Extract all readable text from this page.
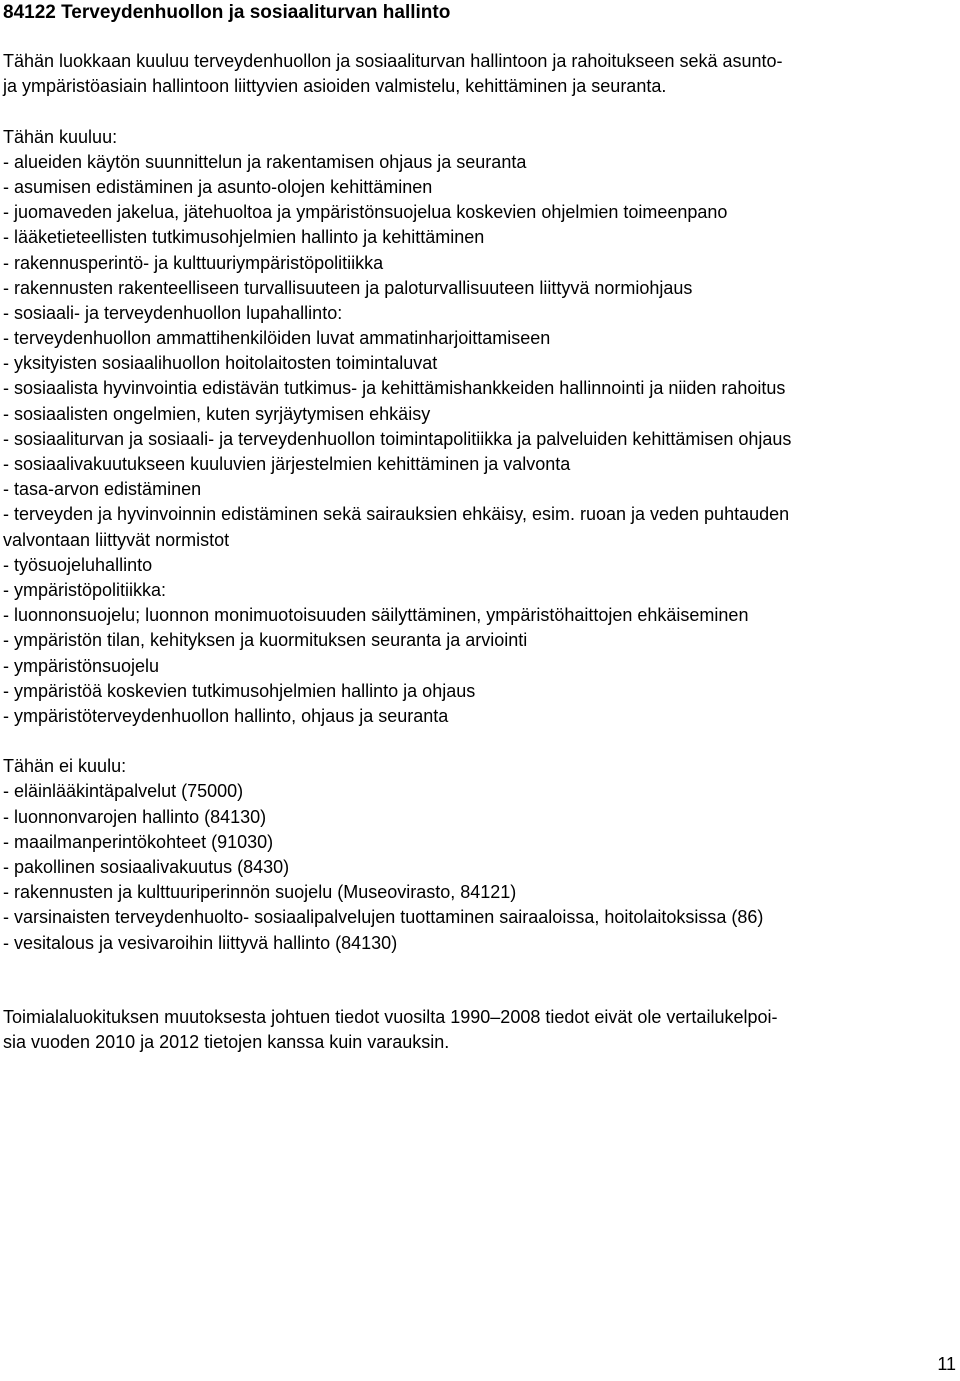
84122 Terveydenhuollon ja sosiaaliturvan hallinto
Tähän luokkaan kuuluu terveydenhuollon ja sosiaaliturvan hallintoon ja rahoitukseen sekä asunto-
ja ympäristöasiain hallintoon liittyvien asioiden valmistelu, kehittäminen ja seuranta.
Tähän kuuluu:
- alueiden käytön suunnittelun ja rakentamisen ohjaus ja seuranta
- asumisen edistäminen ja asunto-olojen kehittäminen
- juomaveden jakelua, jätehuoltoa ja ympäristönsuojelua koskevien ohjelmien toimeenpano
- lääketieteellisten tutkimusohjelmien hallinto ja kehittäminen
- rakennusperintö- ja kulttuuriympäristöpolitiikka
- rakennusten rakenteelliseen turvallisuuteen ja paloturvallisuuteen liittyvä normiohjaus
- sosiaali- ja terveydenhuollon lupahallinto:
- terveydenhuollon ammattihenkilöiden luvat ammatinharjoittamiseen
- yksityisten sosiaalihuollon hoitolaitosten toimintaluvat
- sosiaalista hyvinvointia edistävän tutkimus- ja kehittämishankkeiden hallinnointi ja niiden rahoitus
- sosiaalisten ongelmien, kuten syrjäytymisen ehkäisy
- sosiaaliturvan ja sosiaali- ja terveydenhuollon toimintapolitiikka ja palveluiden kehittämisen ohjaus
- sosiaalivakuutukseen kuuluvien järjestelmien kehittäminen ja valvonta
- tasa-arvon edistäminen
- terveyden ja hyvinvoinnin edistäminen sekä sairauksien ehkäisy, esim. ruoan ja veden puhtauden
valvontaan liittyvät normistot
- työsuojeluhallinto
- ympäristöpolitiikka:
- luonnonsuojelu; luonnon monimuotoisuuden säilyttäminen, ympäristöhaittojen ehkäiseminen
- ympäristön tilan, kehityksen ja kuormituksen seuranta ja arviointi
- ympäristönsuojelu
- ympäristöä koskevien tutkimusohjelmien hallinto ja ohjaus
- ympäristöterveydenhuollon hallinto, ohjaus ja seuranta
Tähän ei kuulu:
- eläinlääkintäpalvelut (75000)
- luonnonvarojen hallinto (84130)
- maailmanperintökohteet (91030)
- pakollinen sosiaalivakuutus (8430)
- rakennusten ja kulttuuriperinnön suojelu (Museovirasto, 84121)
- varsinaisten terveydenhuolto- sosiaalipalvelujen tuottaminen sairaaloissa, hoitolaitoksissa (86)
- vesitalous ja vesivaroihin liittyvä hallinto (84130)
Toimialaluokituksen muutoksesta johtuen tiedot vuosilta 1990–2008 tiedot eivät ole vertailukelpoi-
sia vuoden 2010 ja 2012 tietojen kanssa kuin varauksin.
11
